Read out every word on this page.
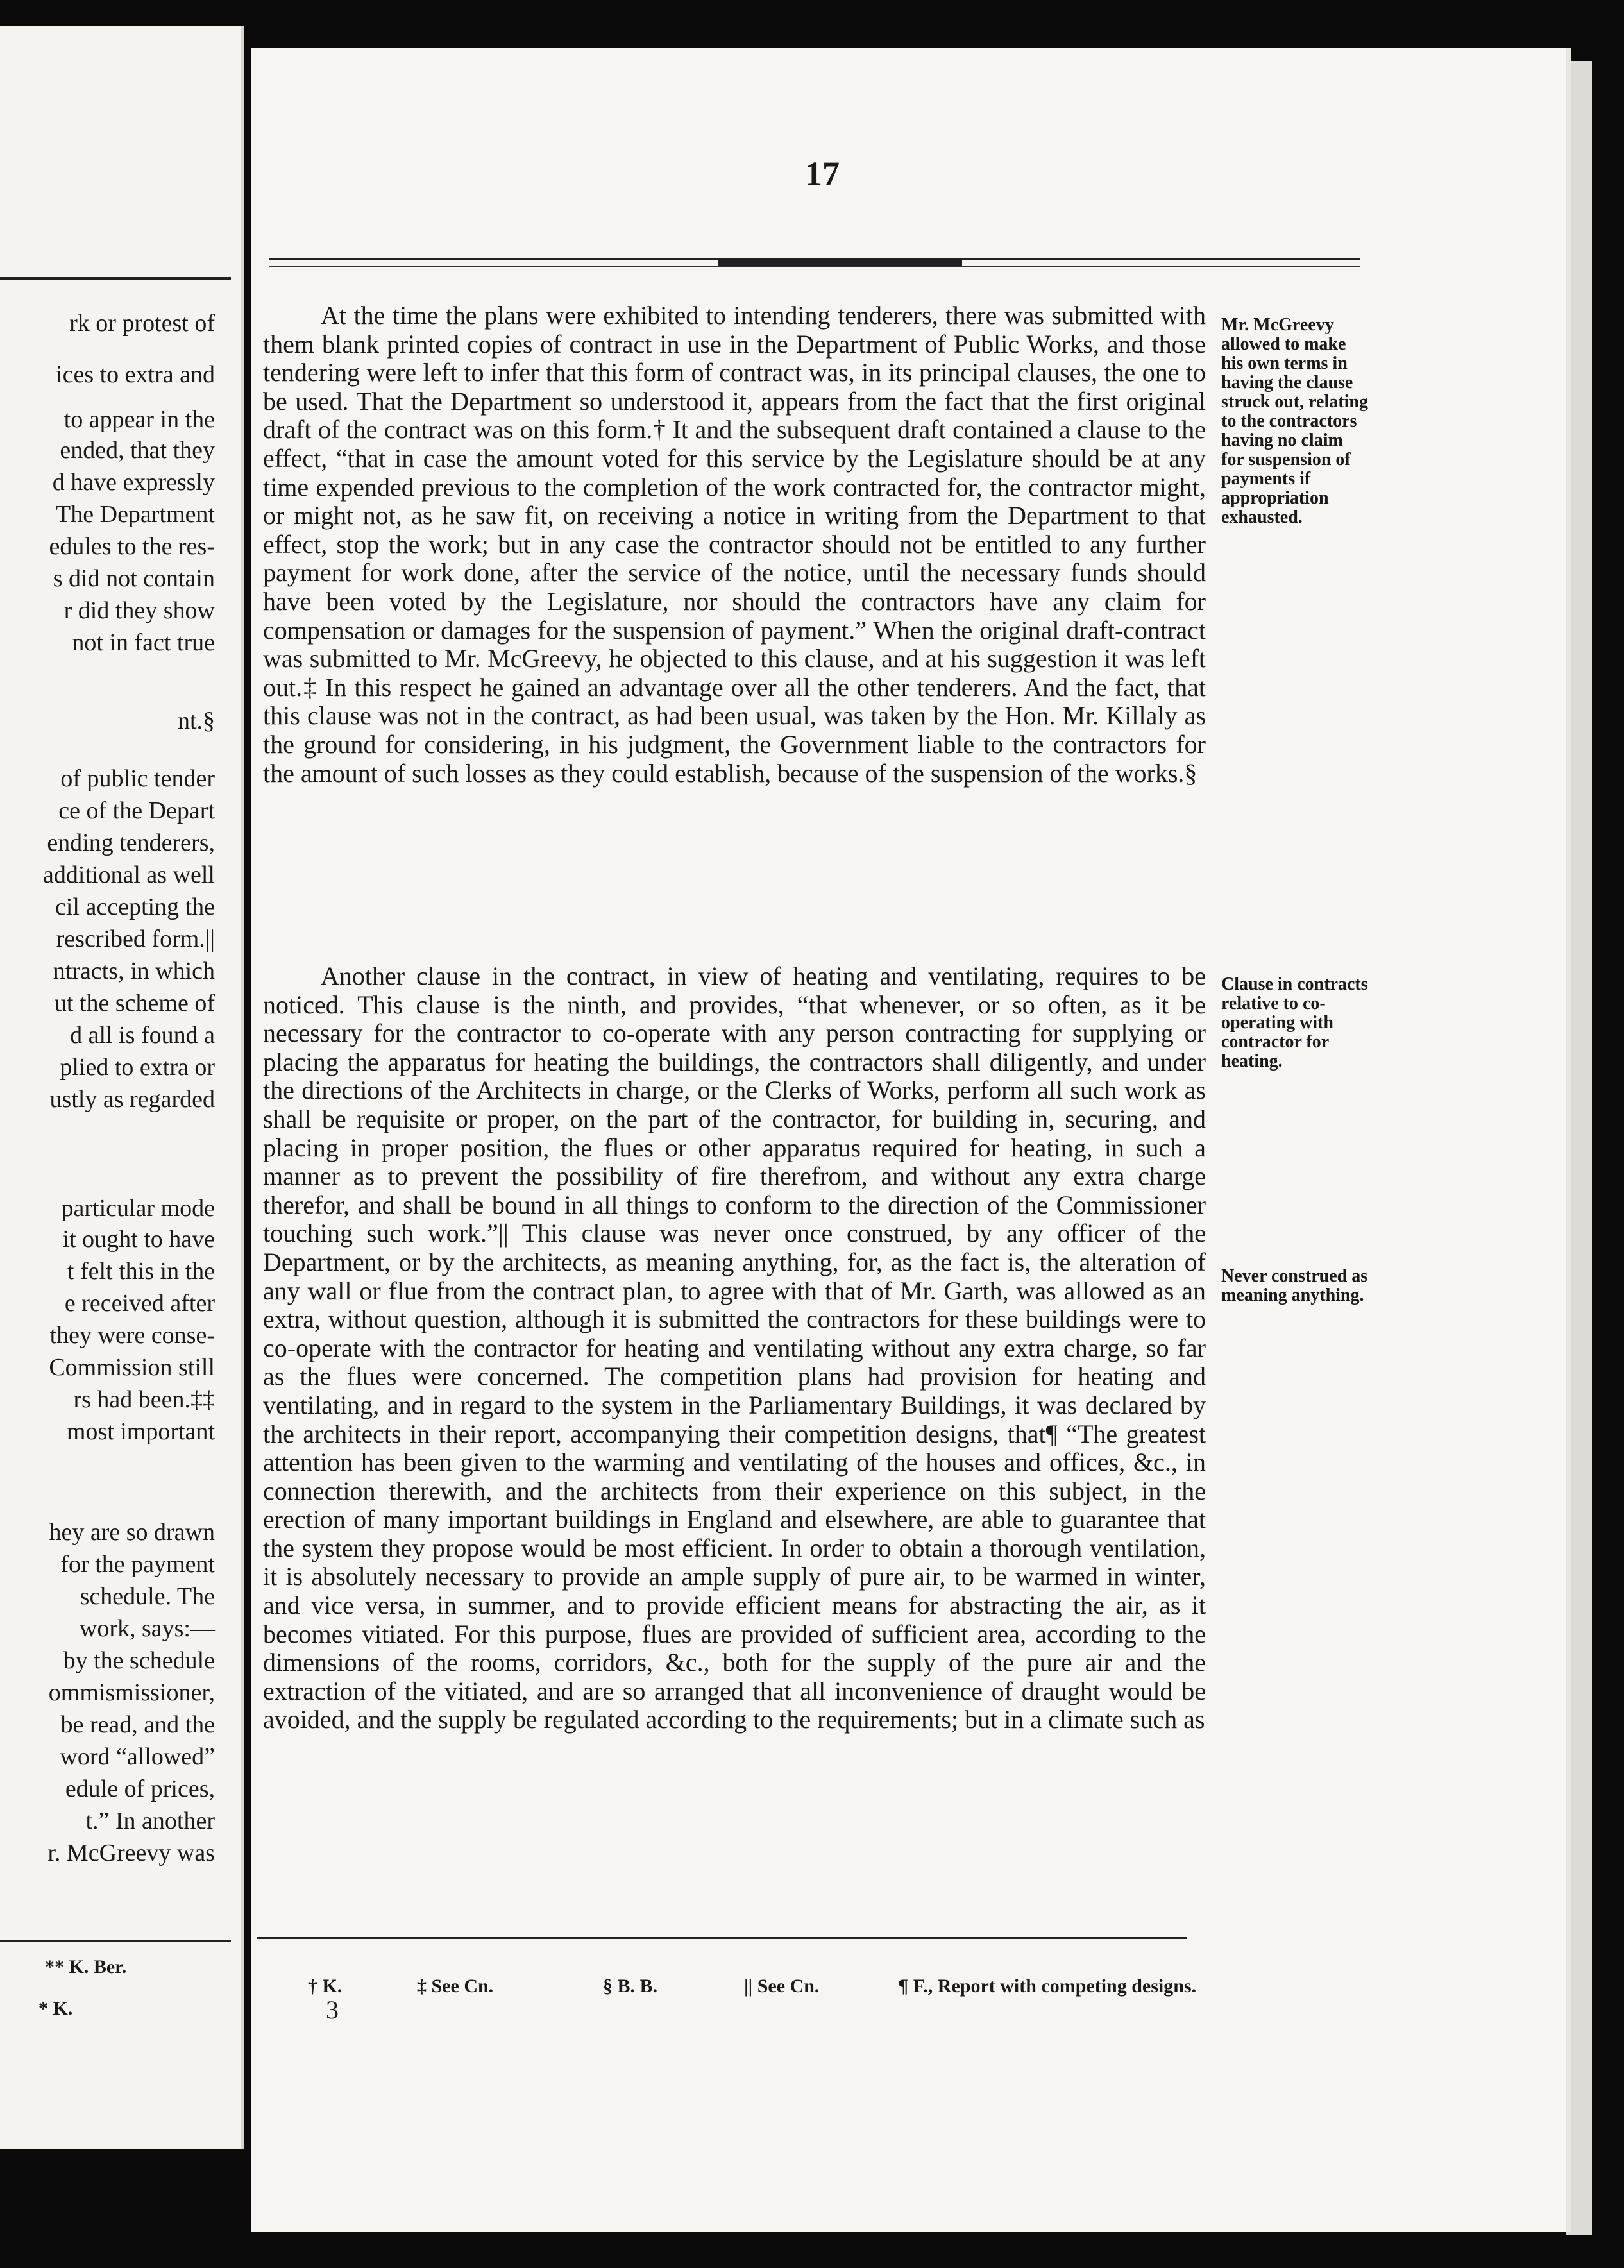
rk or protest of
ices to extra and
to appear in the
ended, that they
d have expressly
The Department
edules to the res-
s did not contain
r did they show
not in fact true
nt.§
of public tender
ce of the Depart
ending tenderers,
additional as well
cil accepting the
rescribed form.||
ntracts, in which
ut the scheme of
d all is found a
plied to extra or
ustly as regarded
particular mode
it ought to have
t felt this in the
e received after
they were conse-
Commission still
rs had been.‡‡
most important
hey are so drawn
for the payment
schedule. The
work, says:—
by the schedule
ommismissioner,
be read, and the
word “allowed”
edule of prices,
t.” In another
r. McGreevy was
** K. Ber.
* K.
17

At the time the plans were exhibited to intending tenderers, there was submitted with them blank printed copies of contract in use in the Department of Public Works, and those tendering were left to infer that this form of contract was, in its principal clauses, the one to be used. That the Department so understood it, appears from the fact that the first original draft of the contract was on this form.† It and the subsequent draft contained a clause to the effect, “that in case the amount voted for this service by the Legislature should be at any time expended previous to the completion of the work contracted for, the contractor might, or might not, as he saw fit, on receiving a notice in writing from the Department to that effect, stop the work; but in any case the contractor should not be entitled to any further payment for work done, after the service of the notice, until the necessary funds should have been voted by the Legislature, nor should the contractors have any claim for compensation or damages for the suspension of payment.” When the original draft-contract was submitted to Mr. McGreevy, he objected to this clause, and at his suggestion it was left out.‡ In this respect he gained an advantage over all the other tenderers. And the fact, that this clause was not in the contract, as had been usual, was taken by the Hon. Mr. Killaly as the ground for considering, in his judgment, the Government liable to the contractors for the amount of such losses as they could establish, because of the suspension of the works.§

Another clause in the contract, in view of heating and ventilating, requires to be noticed. This clause is the ninth, and provides, “that whenever, or so often, as it be necessary for the contractor to co-operate with any person contracting for supplying or placing the apparatus for heating the buildings, the contractors shall diligently, and under the directions of the Architects in charge, or the Clerks of Works, perform all such work as shall be requisite or proper, on the part of the contractor, for building in, securing, and placing in proper position, the flues or other apparatus required for heating, in such a manner as to prevent the possibility of fire therefrom, and without any extra charge therefor, and shall be bound in all things to conform to the direction of the Commissioner touching such work.”|| This clause was never once construed, by any officer of the Department, or by the architects, as meaning anything, for, as the fact is, the alteration of any wall or flue from the contract plan, to agree with that of Mr. Garth, was allowed as an extra, without question, although it is submitted the contractors for these buildings were to co-operate with the contractor for heating and ventilating without any extra charge, so far as the flues were concerned. The competition plans had provision for heating and ventilating, and in regard to the system in the Parliamentary Buildings, it was declared by the architects in their report, accompanying their competition designs, that¶ “The greatest attention has been given to the warming and ventilating of the houses and offices, &c., in connection therewith, and the architects from their experience on this subject, in the erection of many important buildings in England and elsewhere, are able to guarantee that the system they propose would be most efficient. In order to obtain a thorough ventilation, it is absolutely necessary to provide an ample supply of pure air, to be warmed in winter, and vice versa, in summer, and to provide efficient means for abstracting the air, as it becomes vitiated. For this purpose, flues are provided of sufficient area, according to the dimensions of the rooms, corridors, &c., both for the supply of the pure air and the extraction of the vitiated, and are so arranged that all inconvenience of draught would be avoided, and the supply be regulated according to the requirements; but in a climate such as

Mr. McGreevy allowed to make his own terms in having the clause struck out, relating to the contractors having no claim for suspension of payments if appropriation exhausted.
Clause in contracts relative to co-operating with contractor for heating.
Never construed as meaning anything.
† K.	‡ See Cn.	§ B. B.	|| See Cn.	¶ F., Report with competing designs.
3
